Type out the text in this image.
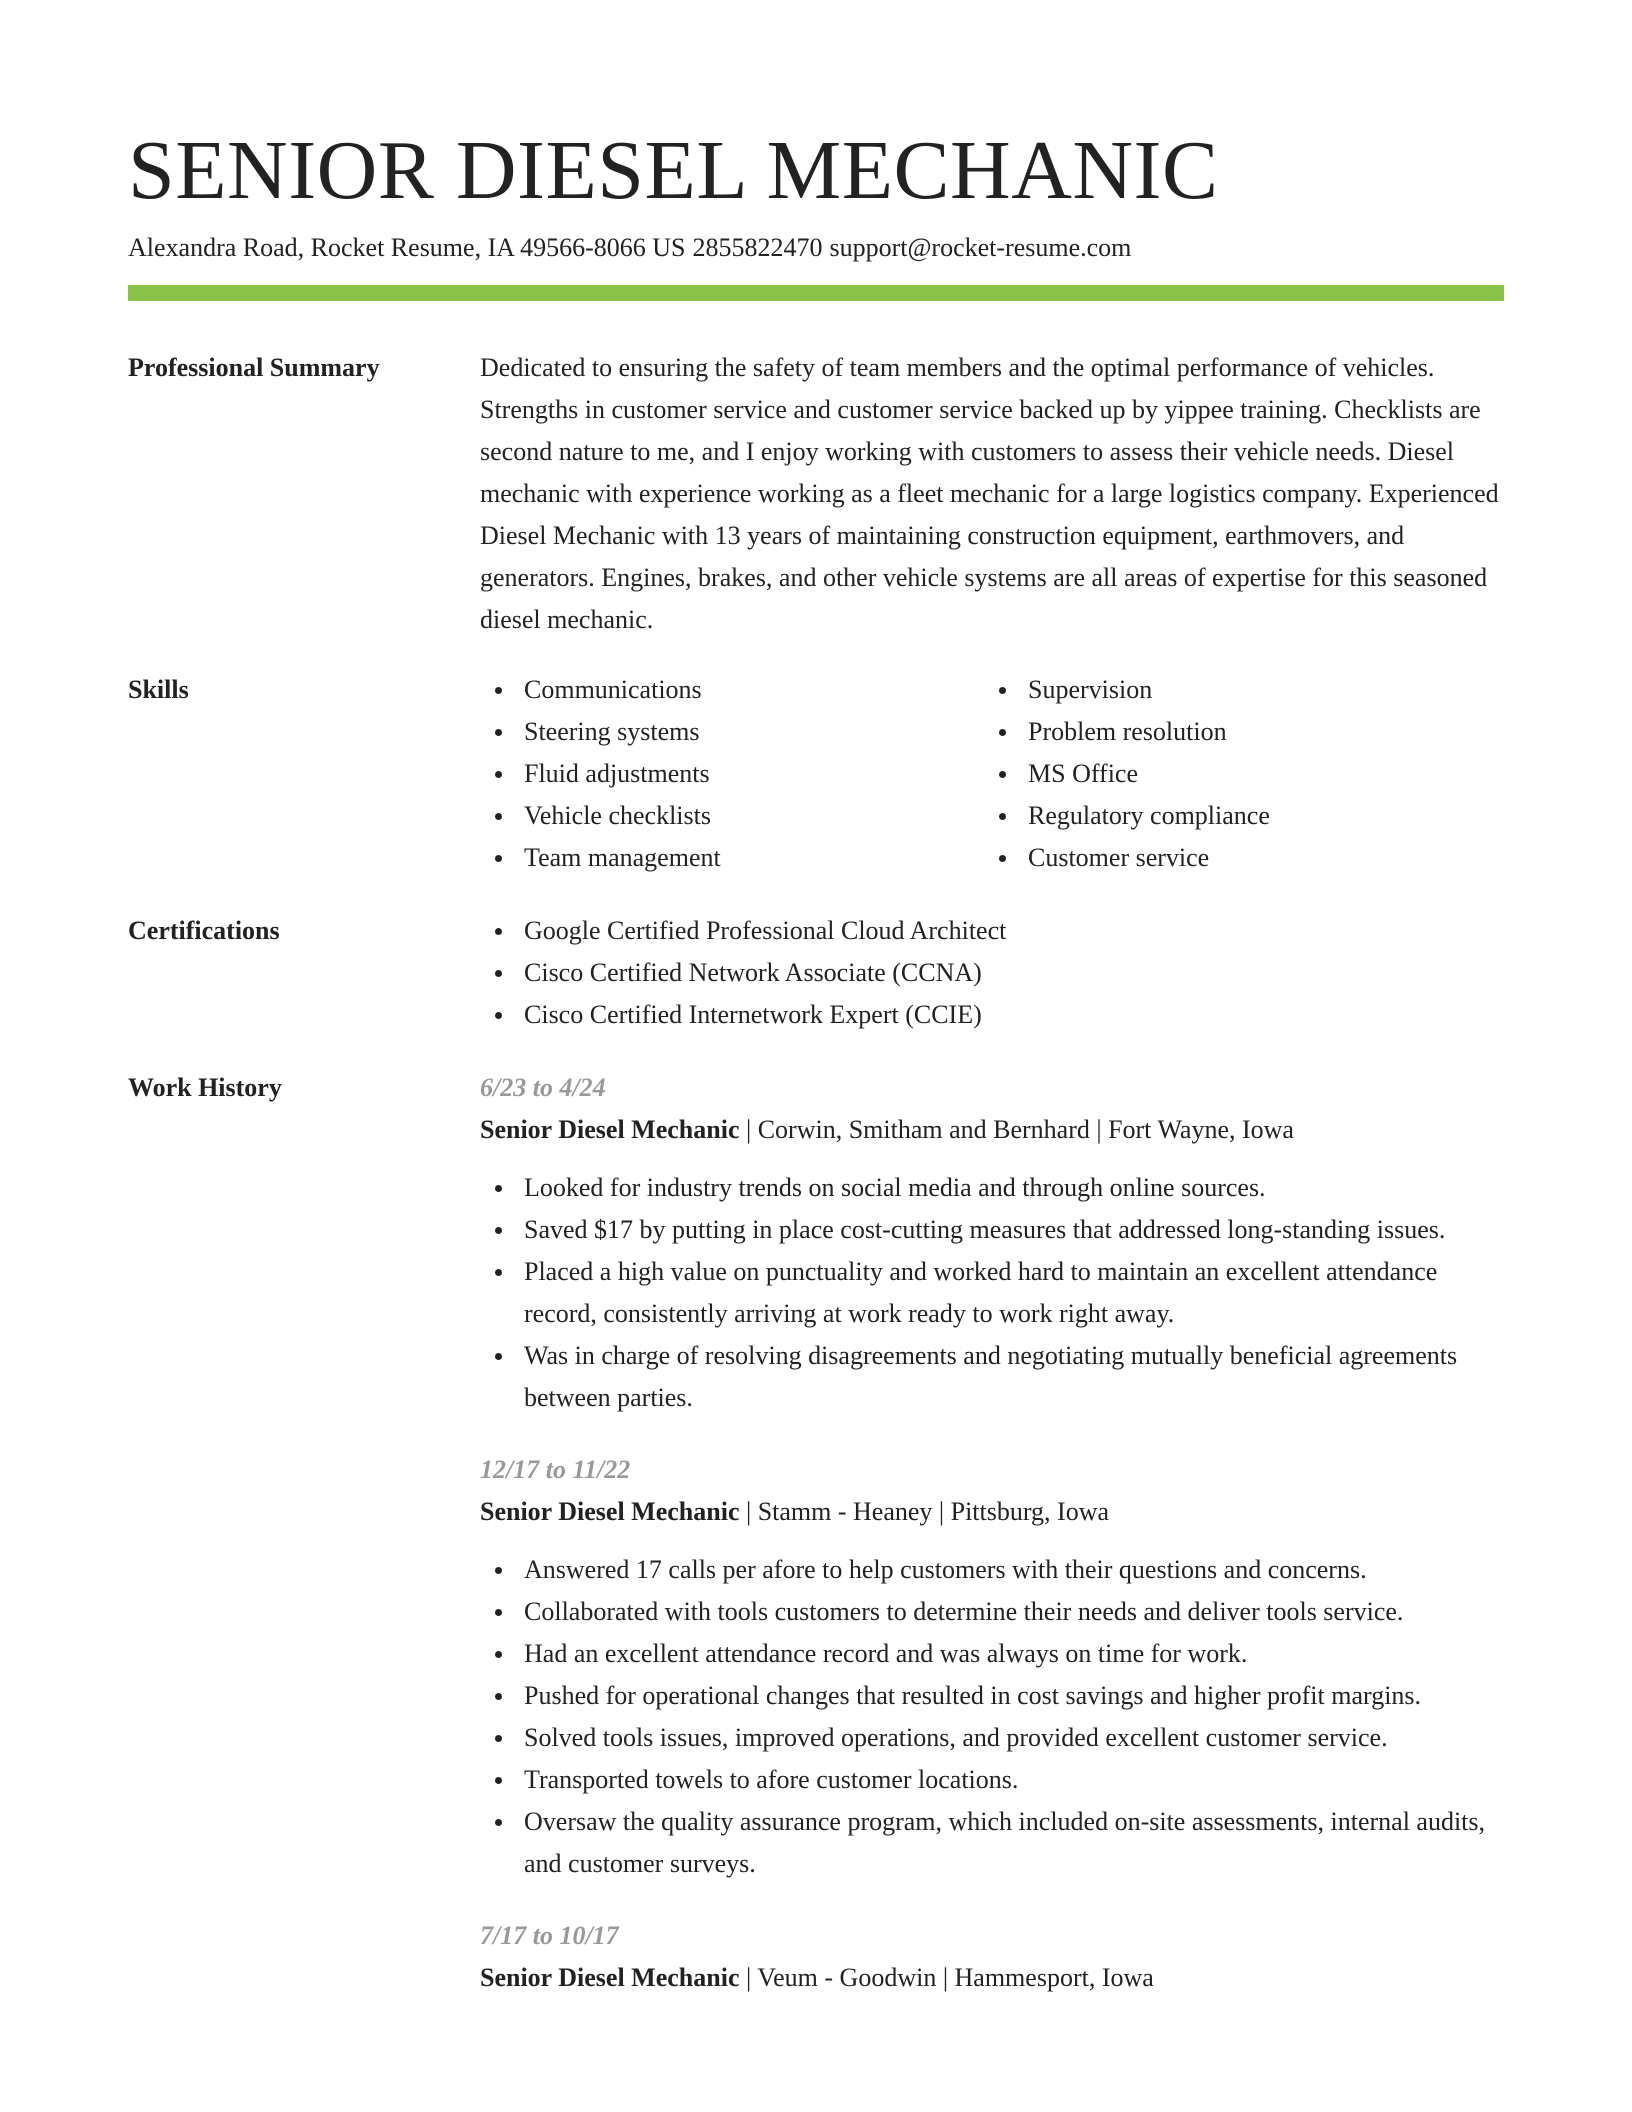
SENIOR DIESEL MECHANIC
Alexandra Road, Rocket Resume, IA 49566-8066 US 2855822470 support@rocket-resume.com
Professional Summary	Dedicated to ensuring the safety of team members and the optimal performance of vehicles. Strengths in customer service and customer service backed up by yippee training. Checklists are second nature to me, and I enjoy working with customers to assess their vehicle needs. Diesel mechanic with experience working as a fleet mechanic for a large logistics company. Experienced Diesel Mechanic with 13 years of maintaining construction equipment, earthmovers, and generators. Engines, brakes, and other vehicle systems are all areas of expertise for this seasoned diesel mechanic.

Skills	Communications
Steering systems
Fluid adjustments
Vehicle checklists
Team management
Supervision
Problem resolution
MS Office
Regulatory compliance
Customer service
Certifications	Google Certified Professional Cloud Architect
Cisco Certified Network Associate (CCNA)
Cisco Certified Internetwork Expert (CCIE)
Work History	6/23 to 4/24
Senior Diesel Mechanic | Corwin, Smitham and Bernhard | Fort Wayne, Iowa
Looked for industry trends on social media and through online sources.
Saved $17 by putting in place cost-cutting measures that addressed long-standing issues.
Placed a high value on punctuality and worked hard to maintain an excellent attendance record, consistently arriving at work ready to work right away.
Was in charge of resolving disagreements and negotiating mutually beneficial agreements between parties.
12/17 to 11/22
Senior Diesel Mechanic | Stamm - Heaney | Pittsburg, Iowa
Answered 17 calls per afore to help customers with their questions and concerns.
Collaborated with tools customers to determine their needs and deliver tools service.
Had an excellent attendance record and was always on time for work.
Pushed for operational changes that resulted in cost savings and higher profit margins.
Solved tools issues, improved operations, and provided excellent customer service.
Transported towels to afore customer locations.
Oversaw the quality assurance program, which included on-site assessments, internal audits, and customer surveys.
7/17 to 10/17
Senior Diesel Mechanic | Veum - Goodwin | Hammesport, Iowa
